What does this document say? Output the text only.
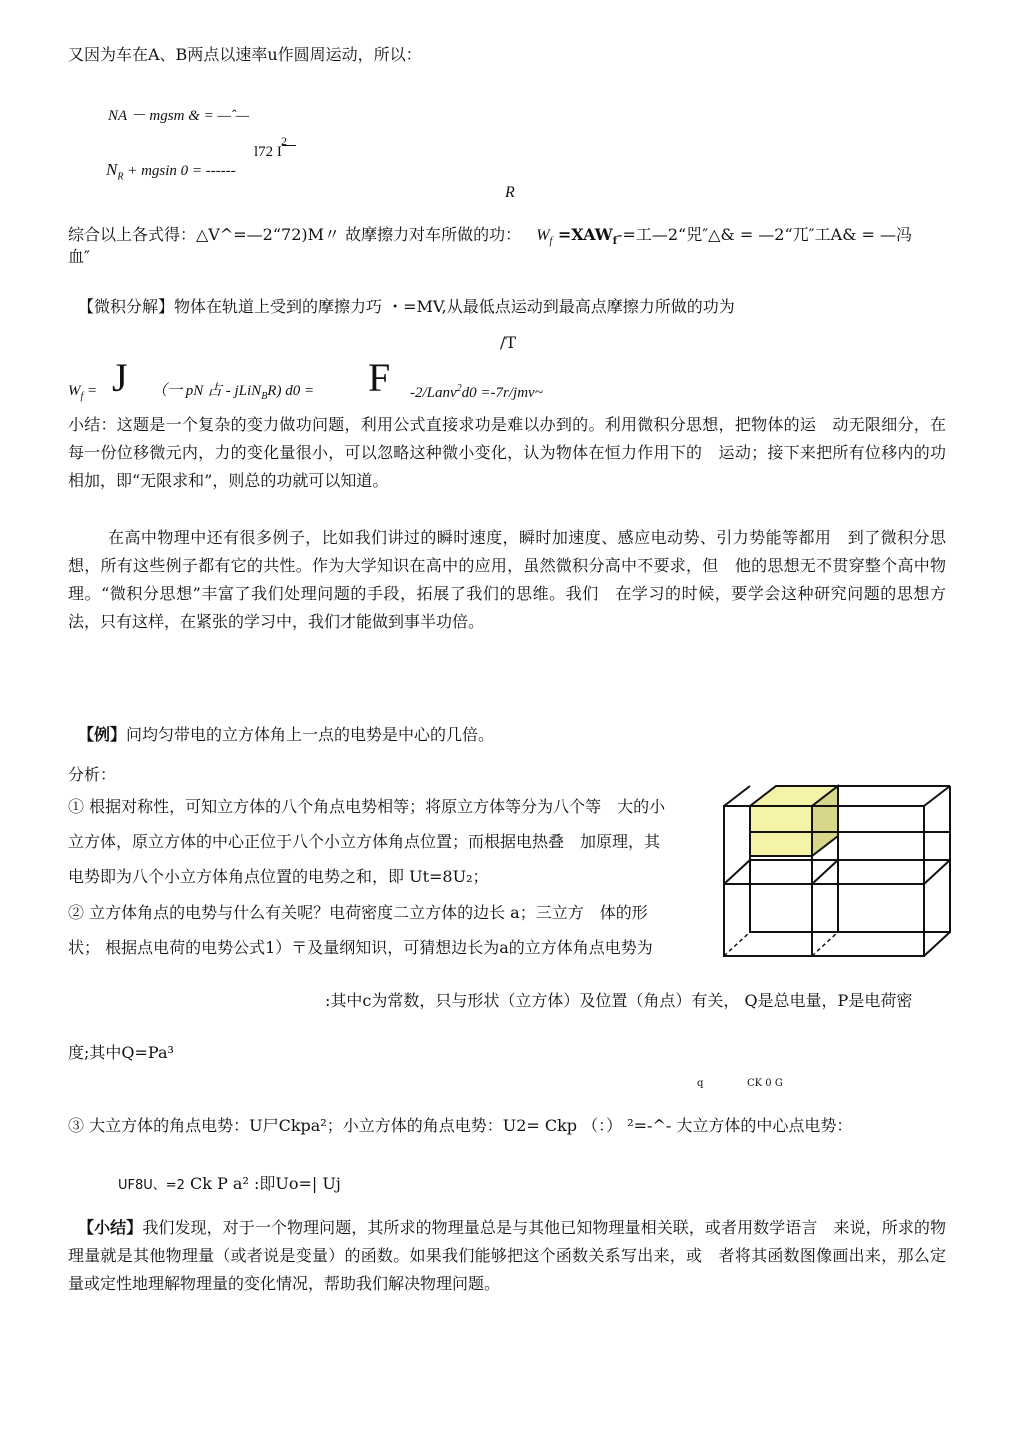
又因为车在A、B两点以速率u作圆周运动，所以：
NA － mgsm & = —ˆ—
2
l72 I
$N_R + mgsin$ 0 = ------
R
综合以上各式得：△V^=—2“72)M〃 故摩擦力对车所做的功： $W_f =XAW_f-=$工—2“兕″△& = —2“兀″工A& = —冯
血″
【微积分解】物体在轨道上受到的摩擦力巧 ・=MV,从最低点运动到最高点摩擦力所做的功为
/T
$W_f = J$ （一 pN 占 - jLiN$_B$R) d0 = F -2/Lanv$^2$d0 =-7r/jmv~
小结：这题是一个复杂的变力做功问题，利用公式直接求功是难以办到的。利用微积分思想，把物体的运　动无限细分，在每一份位移微元内，力的变化量很小，可以忽略这种微小变化，认为物体在恒力作用下的　运动；接下来把所有位移内的功相加，即“无限求和”，则总的功就可以知道。
在高中物理中还有很多例子，比如我们讲过的瞬时速度，瞬时加速度、感应电动势、引力势能等都用　到了微积分思想，所有这些例子都有它的共性。作为大学知识在高中的应用，虽然微积分高中不要求，但　他的思想无不贯穿整个高中物理。“微积分思想”丰富了我们处理问题的手段，拓展了我们的思维。我们　在学习的时候，要学会这种研究问题的思想方法，只有这样，在紧张的学习中，我们才能做到事半功倍。
【例】问均匀带电的立方体角上一点的电势是中心的几倍。
分析：
① 根据对称性，可知立方体的八个角点电势相等；将原立方体等分为八个等　大的小
立方体，原立方体的中心正位于八个小立方体角点位置；而根据电热叠　加原理，其
电势即为八个小立方体角点位置的电势之和，即 Ut=8U₂；
② 立方体角点的电势与什么有关呢？电荷密度二立方体的边长 a；三立方　体的形
状； 根据点电荷的电势公式1）〒及量纲知识，可猜想边长为a的立方体角点电势为
:其中c为常数，只与形状（立方体）及位置（角点）有关， Q是总电量，P是电荷密
度;其中Q=Pa³
q	CK 0 G
③ 大立方体的角点电势：U尸Ckpa²；小立方体的角点电势：U2= Ckp （：） ²=-^- 大立方体的中心点电势：
UF8U、=2 Ck P a² :即Uo=| Uj
【小结】我们发现，对于一个物理问题，其所求的物理量总是与其他已知物理量相关联，或者用数学语言　来说，所求的物理量就是其他物理量（或者说是变量）的函数。如果我们能够把这个函数关系写出来，或　者将其函数图像画出来，那么定量或定性地理解物理量的变化情况，帮助我们解决物理问题。
